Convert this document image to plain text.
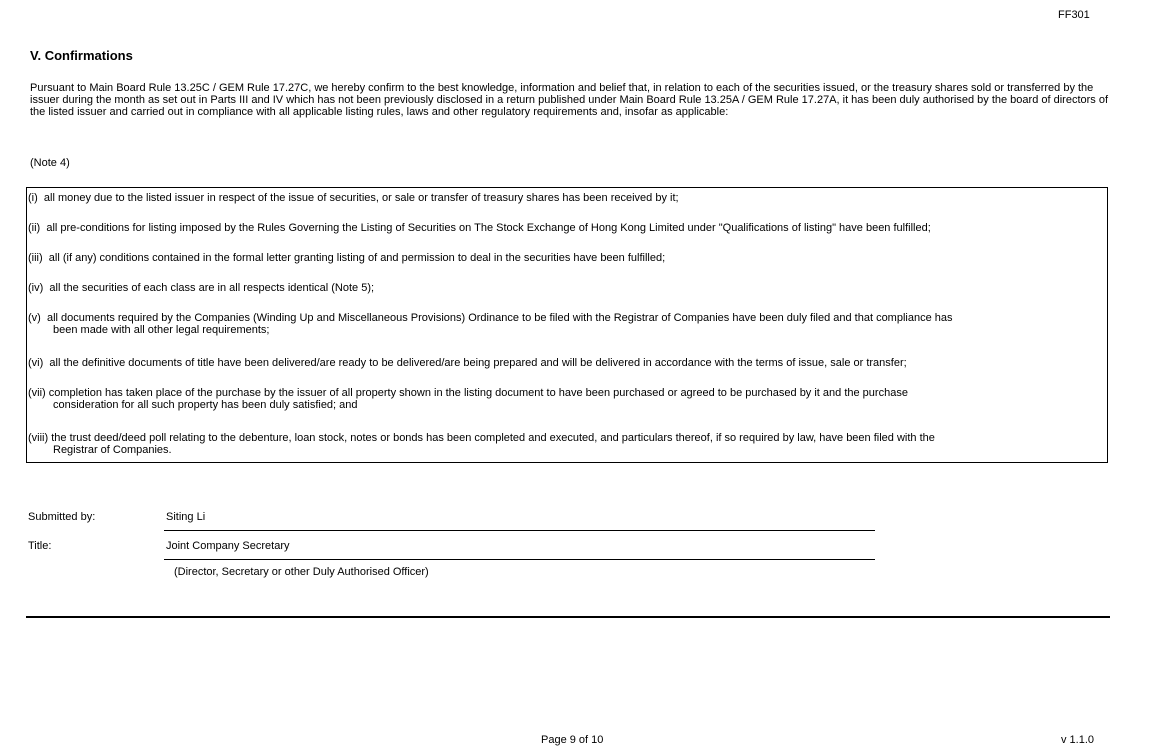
FF301
V. Confirmations
Pursuant to Main Board Rule 13.25C / GEM Rule 17.27C, we hereby confirm to the best knowledge, information and belief that, in relation to each of the securities issued, or the treasury shares sold or transferred by the issuer during the month as set out in Parts III and IV which has not been previously disclosed in a return published under Main Board Rule 13.25A / GEM Rule 17.27A, it has been duly authorised by the board of directors of the listed issuer and carried out in compliance with all applicable listing rules, laws and other regulatory requirements and, insofar as applicable:
(Note 4)
(i) all money due to the listed issuer in respect of the issue of securities, or sale or transfer of treasury shares has been received by it;
(ii) all pre-conditions for listing imposed by the Rules Governing the Listing of Securities on The Stock Exchange of Hong Kong Limited under "Qualifications of listing" have been fulfilled;
(iii) all (if any) conditions contained in the formal letter granting listing of and permission to deal in the securities have been fulfilled;
(iv) all the securities of each class are in all respects identical (Note 5);
(v) all documents required by the Companies (Winding Up and Miscellaneous Provisions) Ordinance to be filed with the Registrar of Companies have been duly filed and that compliance has
been made with all other legal requirements;
(vi) all the definitive documents of title have been delivered/are ready to be delivered/are being prepared and will be delivered in accordance with the terms of issue, sale or transfer;
(vii) completion has taken place of the purchase by the issuer of all property shown in the listing document to have been purchased or agreed to be purchased by it and the purchase
consideration for all such property has been duly satisfied; and
(viii) the trust deed/deed poll relating to the debenture, loan stock, notes or bonds has been completed and executed, and particulars thereof, if so required by law, have been filed with the
Registrar of Companies.
Submitted by:	Siting Li
Title:	Joint Company Secretary
(Director, Secretary or other Duly Authorised Officer)
Page 9 of 10	v 1.1.0
